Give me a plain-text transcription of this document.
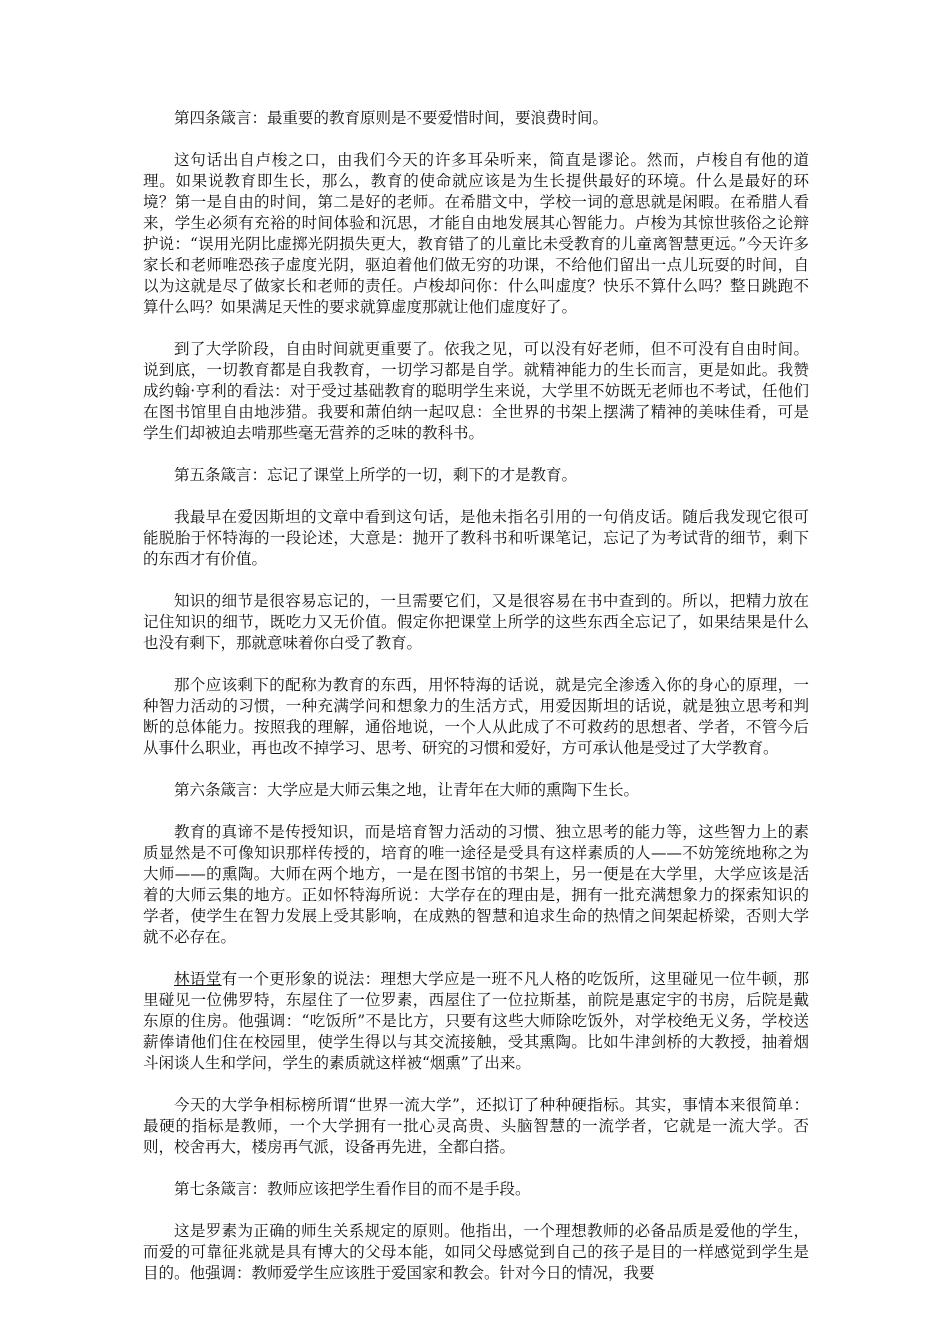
第四条箴言：最重要的教育原则是不要爱惜时间，要浪费时间。

这句话出自卢梭之口，由我们今天的许多耳朵听来，简直是谬论。然而，卢梭自有他的道理。如果说教育即生长，那么，教育的使命就应该是为生长提供最好的环境。什么是最好的环境？第一是自由的时间，第二是好的老师。在希腊文中，学校一词的意思就是闲暇。在希腊人看来，学生必须有充裕的时间体验和沉思，才能自由地发展其心智能力。卢梭为其惊世骇俗之论辩护说：“误用光阴比虚掷光阴损失更大，教育错了的儿童比未受教育的儿童离智慧更远。”今天许多家长和老师唯恐孩子虚度光阴，驱迫着他们做无穷的功课，不给他们留出一点儿玩耍的时间，自以为这就是尽了做家长和老师的责任。卢梭却问你：什么叫虚度？快乐不算什么吗？整日跳跑不算什么吗？如果满足天性的要求就算虚度那就让他们虚度好了。

到了大学阶段，自由时间就更重要了。依我之见，可以没有好老师，但不可没有自由时间。说到底，一切教育都是自我教育，一切学习都是自学。就精神能力的生长而言，更是如此。我赞成约翰·亨利的看法：对于受过基础教育的聪明学生来说，大学里不妨既无老师也不考试，任他们在图书馆里自由地涉猎。我要和萧伯纳一起叹息：全世界的书架上摆满了精神的美味佳肴，可是学生们却被迫去啃那些毫无营养的乏味的教科书。

第五条箴言：忘记了课堂上所学的一切，剩下的才是教育。

我最早在爱因斯坦的文章中看到这句话，是他未指名引用的一句俏皮话。随后我发现它很可能脱胎于怀特海的一段论述，大意是：抛开了教科书和听课笔记，忘记了为考试背的细节，剩下的东西才有价值。

知识的细节是很容易忘记的，一旦需要它们，又是很容易在书中查到的。所以，把精力放在记住知识的细节，既吃力又无价值。假定你把课堂上所学的这些东西全忘记了，如果结果是什么也没有剩下，那就意味着你白受了教育。

那个应该剩下的配称为教育的东西，用怀特海的话说，就是完全渗透入你的身心的原理，一种智力活动的习惯，一种充满学问和想象力的生活方式，用爱因斯坦的话说，就是独立思考和判断的总体能力。按照我的理解，通俗地说，一个人从此成了不可救药的思想者、学者，不管今后从事什么职业，再也改不掉学习、思考、研究的习惯和爱好，方可承认他是受过了大学教育。

第六条箴言：大学应是大师云集之地，让青年在大师的熏陶下生长。

教育的真谛不是传授知识，而是培育智力活动的习惯、独立思考的能力等，这些智力上的素质显然是不可像知识那样传授的，培育的唯一途径是受具有这样素质的人——不妨笼统地称之为大师——的熏陶。大师在两个地方，一是在图书馆的书架上，另一便是在大学里，大学应该是活着的大师云集的地方。正如怀特海所说：大学存在的理由是，拥有一批充满想象力的探索知识的学者，使学生在智力发展上受其影响，在成熟的智慧和追求生命的热情之间架起桥梁，否则大学就不必存在。

林语堂有一个更形象的说法：理想大学应是一班不凡人格的吃饭所，这里碰见一位牛顿，那里碰见一位佛罗特，东屋住了一位罗素，西屋住了一位拉斯基，前院是惠定宇的书房，后院是戴东原的住房。他强调：“吃饭所”不是比方，只要有这些大师除吃饭外，对学校绝无义务，学校送薪俸请他们住在校园里，使学生得以与其交流接触，受其熏陶。比如牛津剑桥的大教授，抽着烟斗闲谈人生和学问，学生的素质就这样被“烟熏”了出来。

今天的大学争相标榜所谓“世界一流大学”，还拟订了种种硬指标。其实，事情本来很简单：最硬的指标是教师，一个大学拥有一批心灵高贵、头脑智慧的一流学者，它就是一流大学。否则，校舍再大，楼房再气派，设备再先进，全都白搭。

第七条箴言：教师应该把学生看作目的而不是手段。

这是罗素为正确的师生关系规定的原则。他指出，一个理想教师的必备品质是爱他的学生，而爱的可靠征兆就是具有博大的父母本能，如同父母感觉到自己的孩子是目的一样感觉到学生是目的。他强调：教师爱学生应该胜于爱国家和教会。针对今日的情况，我要
